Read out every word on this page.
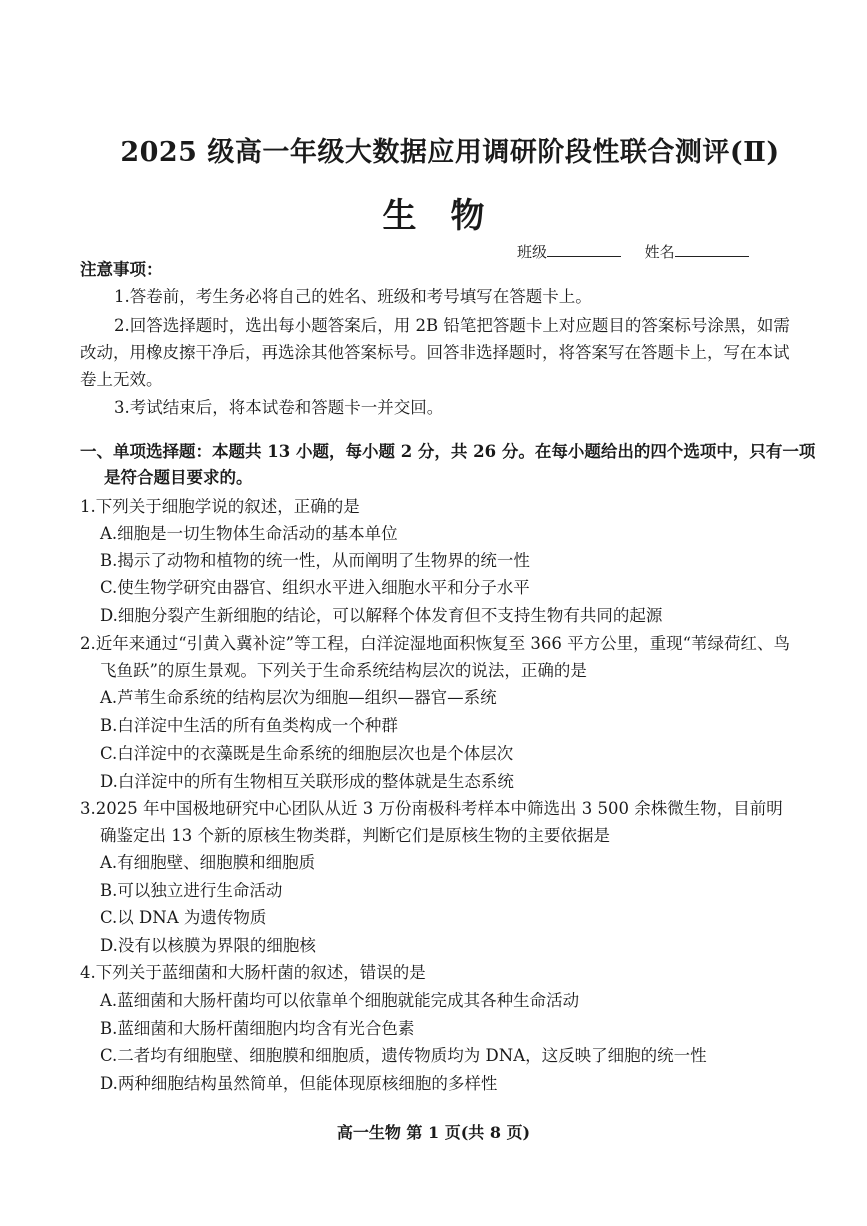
2025 级高一年级大数据应用调研阶段性联合测评(Ⅱ)
生物
班级	姓名
注意事项：
1.答卷前，考生务必将自己的姓名、班级和考号填写在答题卡上。
2.回答选择题时，选出每小题答案后，用 2B 铅笔把答题卡上对应题目的答案标号涂黑，如需
改动，用橡皮擦干净后，再选涂其他答案标号。回答非选择题时，将答案写在答题卡上，写在本试
卷上无效。
3.考试结束后，将本试卷和答题卡一并交回。
一、单项选择题：本题共 13 小题，每小题 2 分，共 26 分。在每小题给出的四个选项中，只有一项
是符合题目要求的。
1.下列关于细胞学说的叙述，正确的是
A.细胞是一切生物体生命活动的基本单位
B.揭示了动物和植物的统一性，从而阐明了生物界的统一性
C.使生物学研究由器官、组织水平进入细胞水平和分子水平
D.细胞分裂产生新细胞的结论，可以解释个体发育但不支持生物有共同的起源
2.近年来通过“引黄入冀补淀”等工程，白洋淀湿地面积恢复至 366 平方公里，重现“苇绿荷红、鸟
飞鱼跃”的原生景观。下列关于生命系统结构层次的说法，正确的是
A.芦苇生命系统的结构层次为细胞—组织—器官—系统
B.白洋淀中生活的所有鱼类构成一个种群
C.白洋淀中的衣藻既是生命系统的细胞层次也是个体层次
D.白洋淀中的所有生物相互关联形成的整体就是生态系统
3.2025 年中国极地研究中心团队从近 3 万份南极科考样本中筛选出 3 500 余株微生物，目前明
确鉴定出 13 个新的原核生物类群，判断它们是原核生物的主要依据是
A.有细胞壁、细胞膜和细胞质
B.可以独立进行生命活动
C.以 DNA 为遗传物质
D.没有以核膜为界限的细胞核
4.下列关于蓝细菌和大肠杆菌的叙述，错误的是
A.蓝细菌和大肠杆菌均可以依靠单个细胞就能完成其各种生命活动
B.蓝细菌和大肠杆菌细胞内均含有光合色素
C.二者均有细胞壁、细胞膜和细胞质，遗传物质均为 DNA，这反映了细胞的统一性
D.两种细胞结构虽然简单，但能体现原核细胞的多样性
高一生物 第 1 页(共 8 页)
